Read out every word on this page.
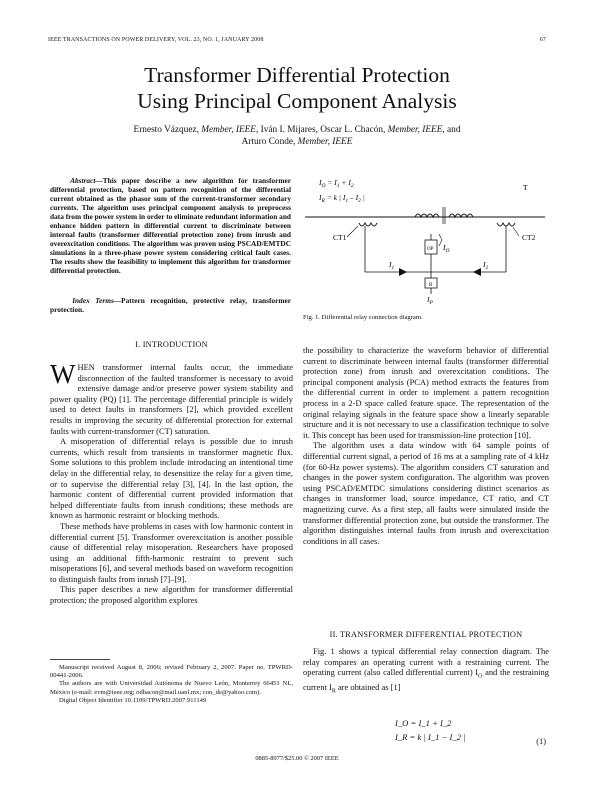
IEEE TRANSACTIONS ON POWER DELIVERY, VOL. 23, NO. 1, JANUARY 2008	67
Transformer Differential Protection
Using Principal Component Analysis
Ernesto Vázquez, Member, IEEE, Iván I. Mijares, Oscar L. Chacón, Member, IEEE, and
Arturo Conde, Member, IEEE
Abstract—This paper describe a new algorithm for transformer differential protection, based on pattern recognition of the differential current obtained as the phasor sum of the current-transformer secondary currents. The algorithm uses principal component analysis to preprocess data from the power system in order to eliminate redundant information and enhance hidden pattern in differential current to discriminate between internal faults (transformer differential protection zone) from inrush and overexcitation conditions. The algorithm was proven using PSCAD/EMTDC simulations in a three-phase power system considering critical fault cases. The results show the feasibility to implement this algorithm for transformer differential protection.
Index Terms—Pattern recognition, protective relay, transformer protection.
$I_O = I_1 + I_2$
$I_R = k$ | $I_1 - I_2$ |
T
CT1	CT2
$I_1$	$I_2$
OP $I_O$
R
$I_P$
Fig. 1. Differential relay connection diagram.
I. INTRODUCTION

WHEN transformer internal faults occur, the immediate disconnection of the faulted transformer is necessary to avoid extensive damage and/or preserve power system stability and power quality (PQ) [1]. The percentage differential principle is widely used to detect faults in transformers [2], which provided excellent results in improving the security of differential protection for external faults with current-transformer (CT) saturation.

A misoperation of differential relays is possible due to inrush currents, which result from transients in transformer magnetic flux. Some solutions to this problem include introducing an intentional time delay in the differential relay, to desensitize the relay for a given time, or to supervise the differential relay [3], [4]. In the last option, the harmonic content of differential current provided information that helped differentiate faults from inrush conditions; these methods are known as harmonic restraint or blocking methods.

These methods have problems in cases with low harmonic content in differential current [5]. Transformer overexcitation is another possible cause of differential relay misoperation. Researchers have proposed using an additional fifth-harmonic restraint to prevent such misoperations [6], and several methods based on waveform recognition to distinguish faults from inrush [7]–[9].

This paper describes a new algorithm for transformer differential protection; the proposed algorithm explores

Manuscript received August 8, 2006; revised February 2, 2007. Paper no. TPWRD-00441-2006.

The authors are with Universidad Autónoma de Nuevo León, Monterrey 66451 NL, México (e-mail: evm@ieee.org; odhacon@mail.uanl.mx; con_de@yahoo.com).

Digital Object Identifier 10.1109/TPWRD.2007.911149

the possibility to characterize the waveform behavior of differential current to discriminate between internal faults (transformer differential protection zone) from inrush and overexcitation conditions. The principal component analysis (PCA) method extracts the features from the differential current in order to implement a pattern recognition process in a 2-D space called feature space. The representation of the original relaying signals in the feature space show a linearly separable structure and it is not necessary to use a classification technique to solve it. This concept has been used for transmission-line protection [10].

The algorithm uses a data window with 64 sample points of differential current signal, a period of 16 ms at a sampling rate of 4 kHz (for 60-Hz power systems). The algorithm considers CT saturation and changes in the power system configuration. The algorithm was proven using PSCAD/EMTDC simulations considering distinct scenarios as changes in transformer load, source impedance, CT ratio, and CT magnetizing curve. As a first step, all faults were simulated inside the transformer differential protection zone, but outside the transformer. The algorithm distinguishes internal faults from inrush and overexcitation conditions in all cases.

II. TRANSFORMER DIFFERENTIAL PROTECTION

Fig. 1 shows a typical differential relay connection diagram. The relay compares an operating current with a restraining current. The operating current (also called differential current) $I_O$ and the restraining current $I_R$ are obtained as [1]

I_O = I_1 + I_2
I_R = k | I_1 − I_2 |	(1)
0885-8977/$25.00 © 2007 IEEE
